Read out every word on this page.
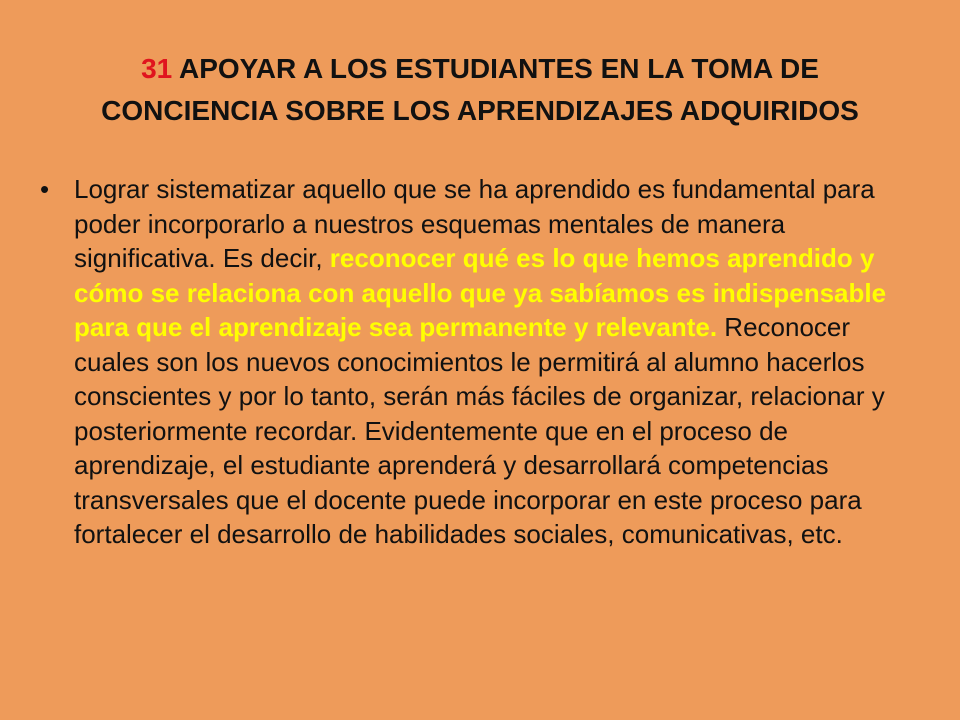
31 APOYAR A LOS ESTUDIANTES EN LA TOMA DE CONCIENCIA SOBRE LOS APRENDIZAJES ADQUIRIDOS

• Lograr sistematizar aquello que se ha aprendido es fundamental para poder incorporarlo a nuestros esquemas mentales de manera significativa. Es decir, reconocer qué es lo que hemos aprendido y cómo se relaciona con aquello que ya sabíamos es indispensable para que el aprendizaje sea permanente y relevante. Reconocer cuales son los nuevos conocimientos le permitirá al alumno hacerlos conscientes y por lo tanto, serán más fáciles de organizar, relacionar y posteriormente recordar. Evidentemente que en el proceso de aprendizaje, el estudiante aprenderá y desarrollará competencias transversales que el docente puede incorporar en este proceso para fortalecer el desarrollo de habilidades sociales, comunicativas, etc.
